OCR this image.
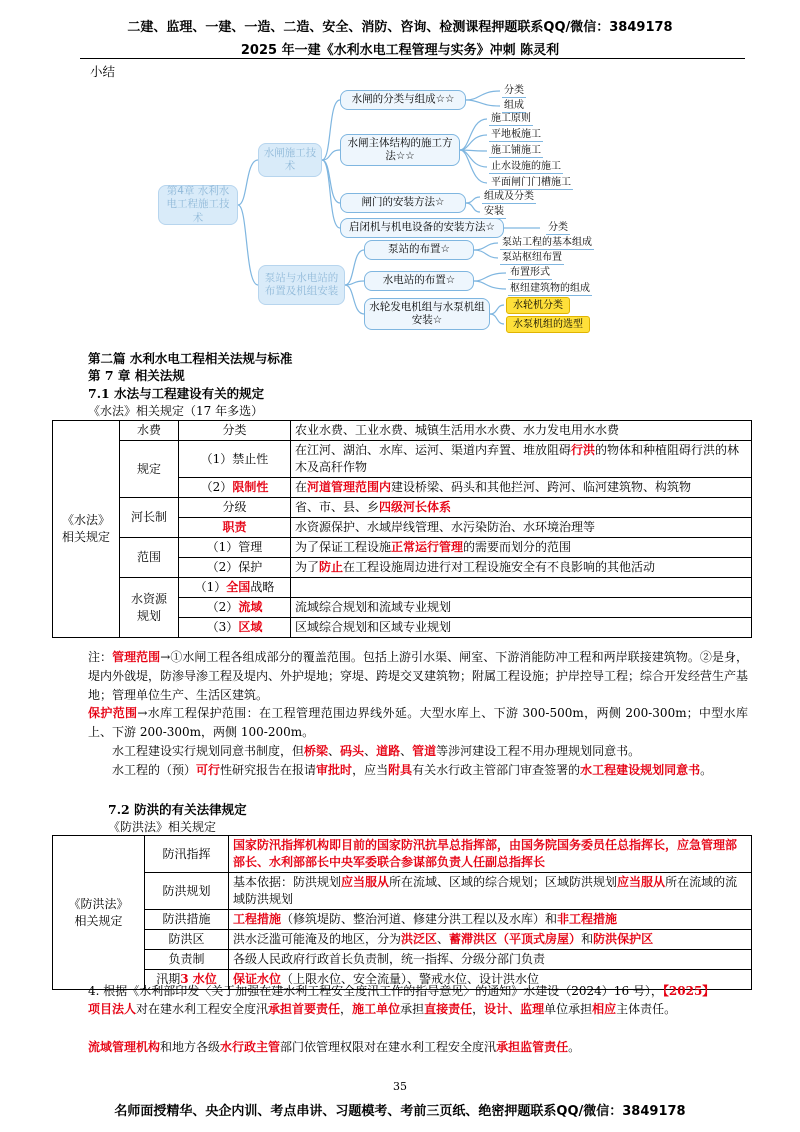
二建、监理、一建、一造、二造、安全、消防、咨询、检测课程押题联系QQ/微信：3849178
2025 年一建《水利水电工程管理与实务》冲刺 陈灵利
小结
第4章 水利水电工程施工技术
水闸施工技术
泵站与水电站的布置及机组安装
水闸的分类与组成☆☆
水闸主体结构的施工方法☆☆
闸门的安装方法☆
启闭机与机电设备的安装方法☆
泵站的布置☆
水电站的布置☆
水轮发电机组与水泵机组安装☆
分类
组成
施工原则
平地板施工
施工铺施工
止水设施的施工
平面闸门门槽施工
组成及分类
安装
分类
泵站工程的基本组成
泵站枢纽布置
布置形式
枢纽建筑物的组成
水轮机分类
水泵机组的选型
第二篇 水利水电工程相关法规与标准
第 7 章 相关法规
7.1 水法与工程建设有关的规定
《水法》相关规定（17 年多选）
《水法》
相关规定	水费	分类	农业水费、工业水费、城镇生活用水水费、水力发电用水水费
	规定	（1）禁止性	在江河、湖泊、水库、运河、渠道内弃置、堆放阻碍行洪的物体和种植阻碍行洪的林木及高秆作物
		（2）限制性	在河道管理范围内建设桥梁、码头和其他拦河、跨河、临河建筑物、构筑物
	河长制	分级	省、市、县、乡四级河长体系
		职责	水资源保护、水域岸线管理、水污染防治、水环境治理等
	范围	（1）管理	为了保证工程设施正常运行管理的需要而划分的范围
		（2）保护	为了防止在工程设施周边进行对工程设施安全有不良影响的其他活动
	水资源
规划	（1）全国战略	
		（2）流域	流域综合规划和流域专业规划
		（3）区域	区域综合规划和区域专业规划
注：管理范围→①水闸工程各组成部分的覆盖范围。包括上游引水渠、闸室、下游消能防冲工程和两岸联接建筑物。②是身，堤内外戗堤，防渗导渗工程及堤内、外护堤地；穿堤、跨堤交叉建筑物；附属工程设施；护岸控导工程；综合开发经营生产基地；管理单位生产、生活区建筑。
保护范围→水库工程保护范围：在工程管理范围边界线外延。大型水库上、下游 300-500m，两侧 200-300m；中型水库上、下游 200-300m，两侧 100-200m。
水工程建设实行规划同意书制度，但桥梁、码头、道路、管道等涉河建设工程不用办理规划同意书。
水工程的（预）可行性研究报告在报请审批时，应当附具有关水行政主管部门审查签署的水工程建设规划同意书。
7.2 防洪的有关法律规定
《防洪法》相关规定
《防洪法》
相关规定	防汛指挥	国家防汛指挥机构即目前的国家防汛抗旱总指挥部，由国务院国务委员任总指挥长，应急管理部部长、水利部部长中央军委联合参谋部负责人任副总指挥长
	防洪规划	基本依据：防洪规划应当服从所在流域、区域的综合规划；区域防洪规划应当服从所在流域的流域防洪规划
	防洪措施	工程措施（修筑堤防、整治河道、修建分洪工程以及水库）和非工程措施
	防洪区	洪水泛滥可能淹及的地区，分为洪泛区、蓄滞洪区（平顶式房屋）和防洪保护区
	负责制	各级人民政府行政首长负责制，统一指挥、分级分部门负责
	汛期3 水位	保证水位（上限水位、安全流量）、警戒水位、设计洪水位
4. 根据《水利部印发〈关于加强在建水利工程安全度汛工作的指导意见〉的通知》水建设（2024）16 号），【2025】
项目法人对在建水利工程安全度汛承担首要责任，施工单位承担直接责任，设计、监理单位承担相应主体责任。
流域管理机构和地方各级水行政主管部门依管理权限对在建水利工程安全度汛承担监管责任。
35
名师面授精华、央企内训、考点串讲、习题模考、考前三页纸、绝密押题联系QQ/微信：3849178
